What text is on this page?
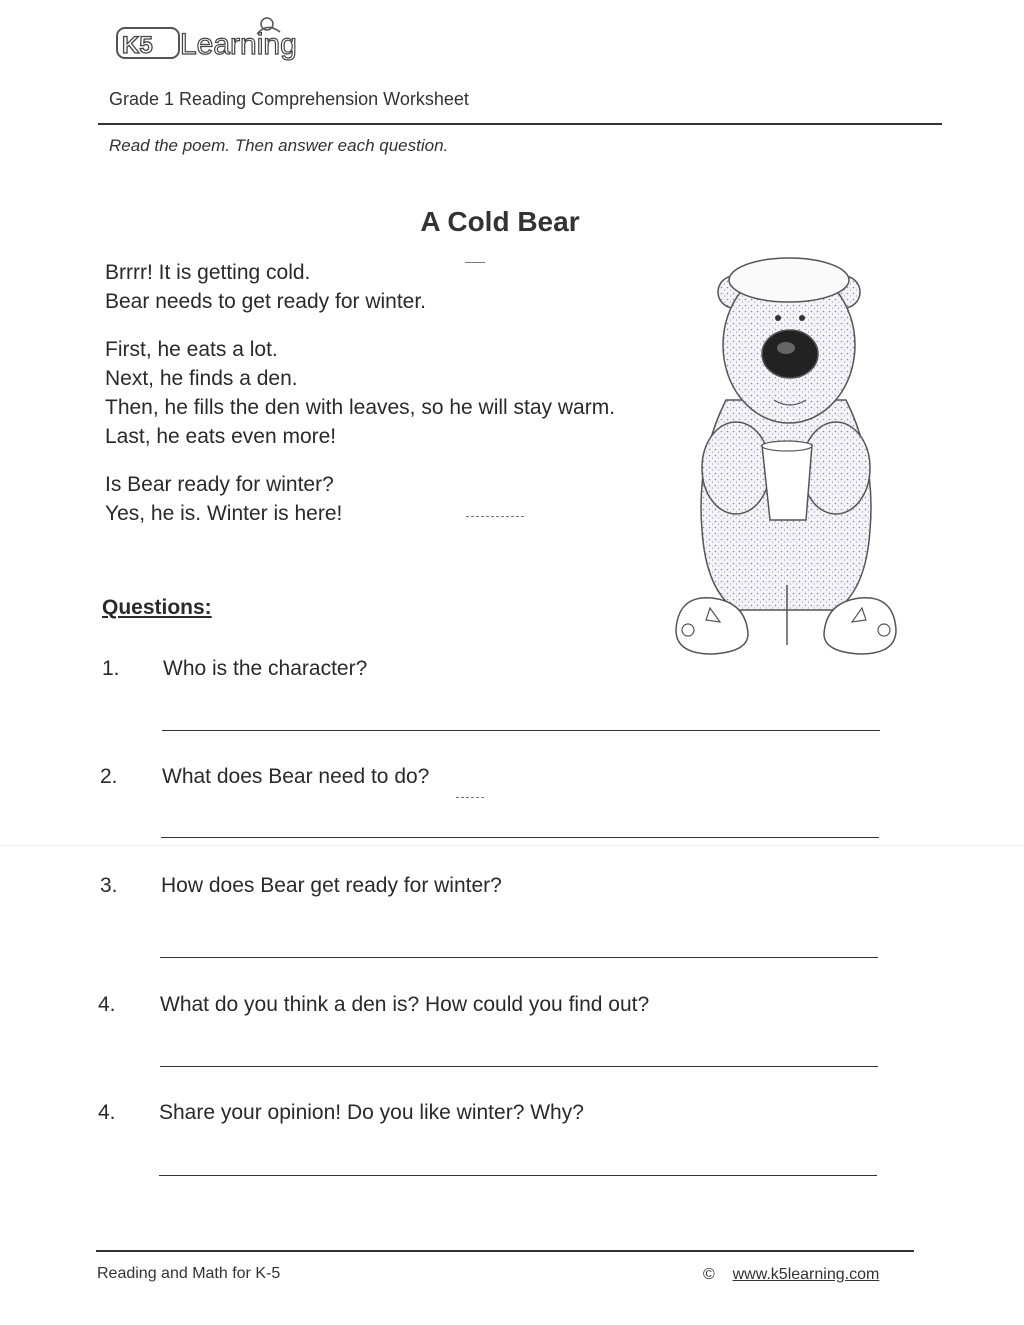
K5 Learning
Grade 1 Reading Comprehension Worksheet
Read the poem. Then answer each question.
A Cold Bear
Brrrr! It is getting cold.
Bear needs to get ready for winter.
First, he eats a lot.
Next, he finds a den.
Then, he fills the den with leaves, so he will stay warm.
Last, he eats even more!
Is Bear ready for winter?
Yes, he is. Winter is here!
Questions:
1. Who is the character?
2. What does Bear need to do?
3. How does Bear get ready for winter?
4. What do you think a den is? How could you find out?
4. Share your opinion! Do you like winter? Why?
Reading and Math for K-5	© www.k5learning.com
